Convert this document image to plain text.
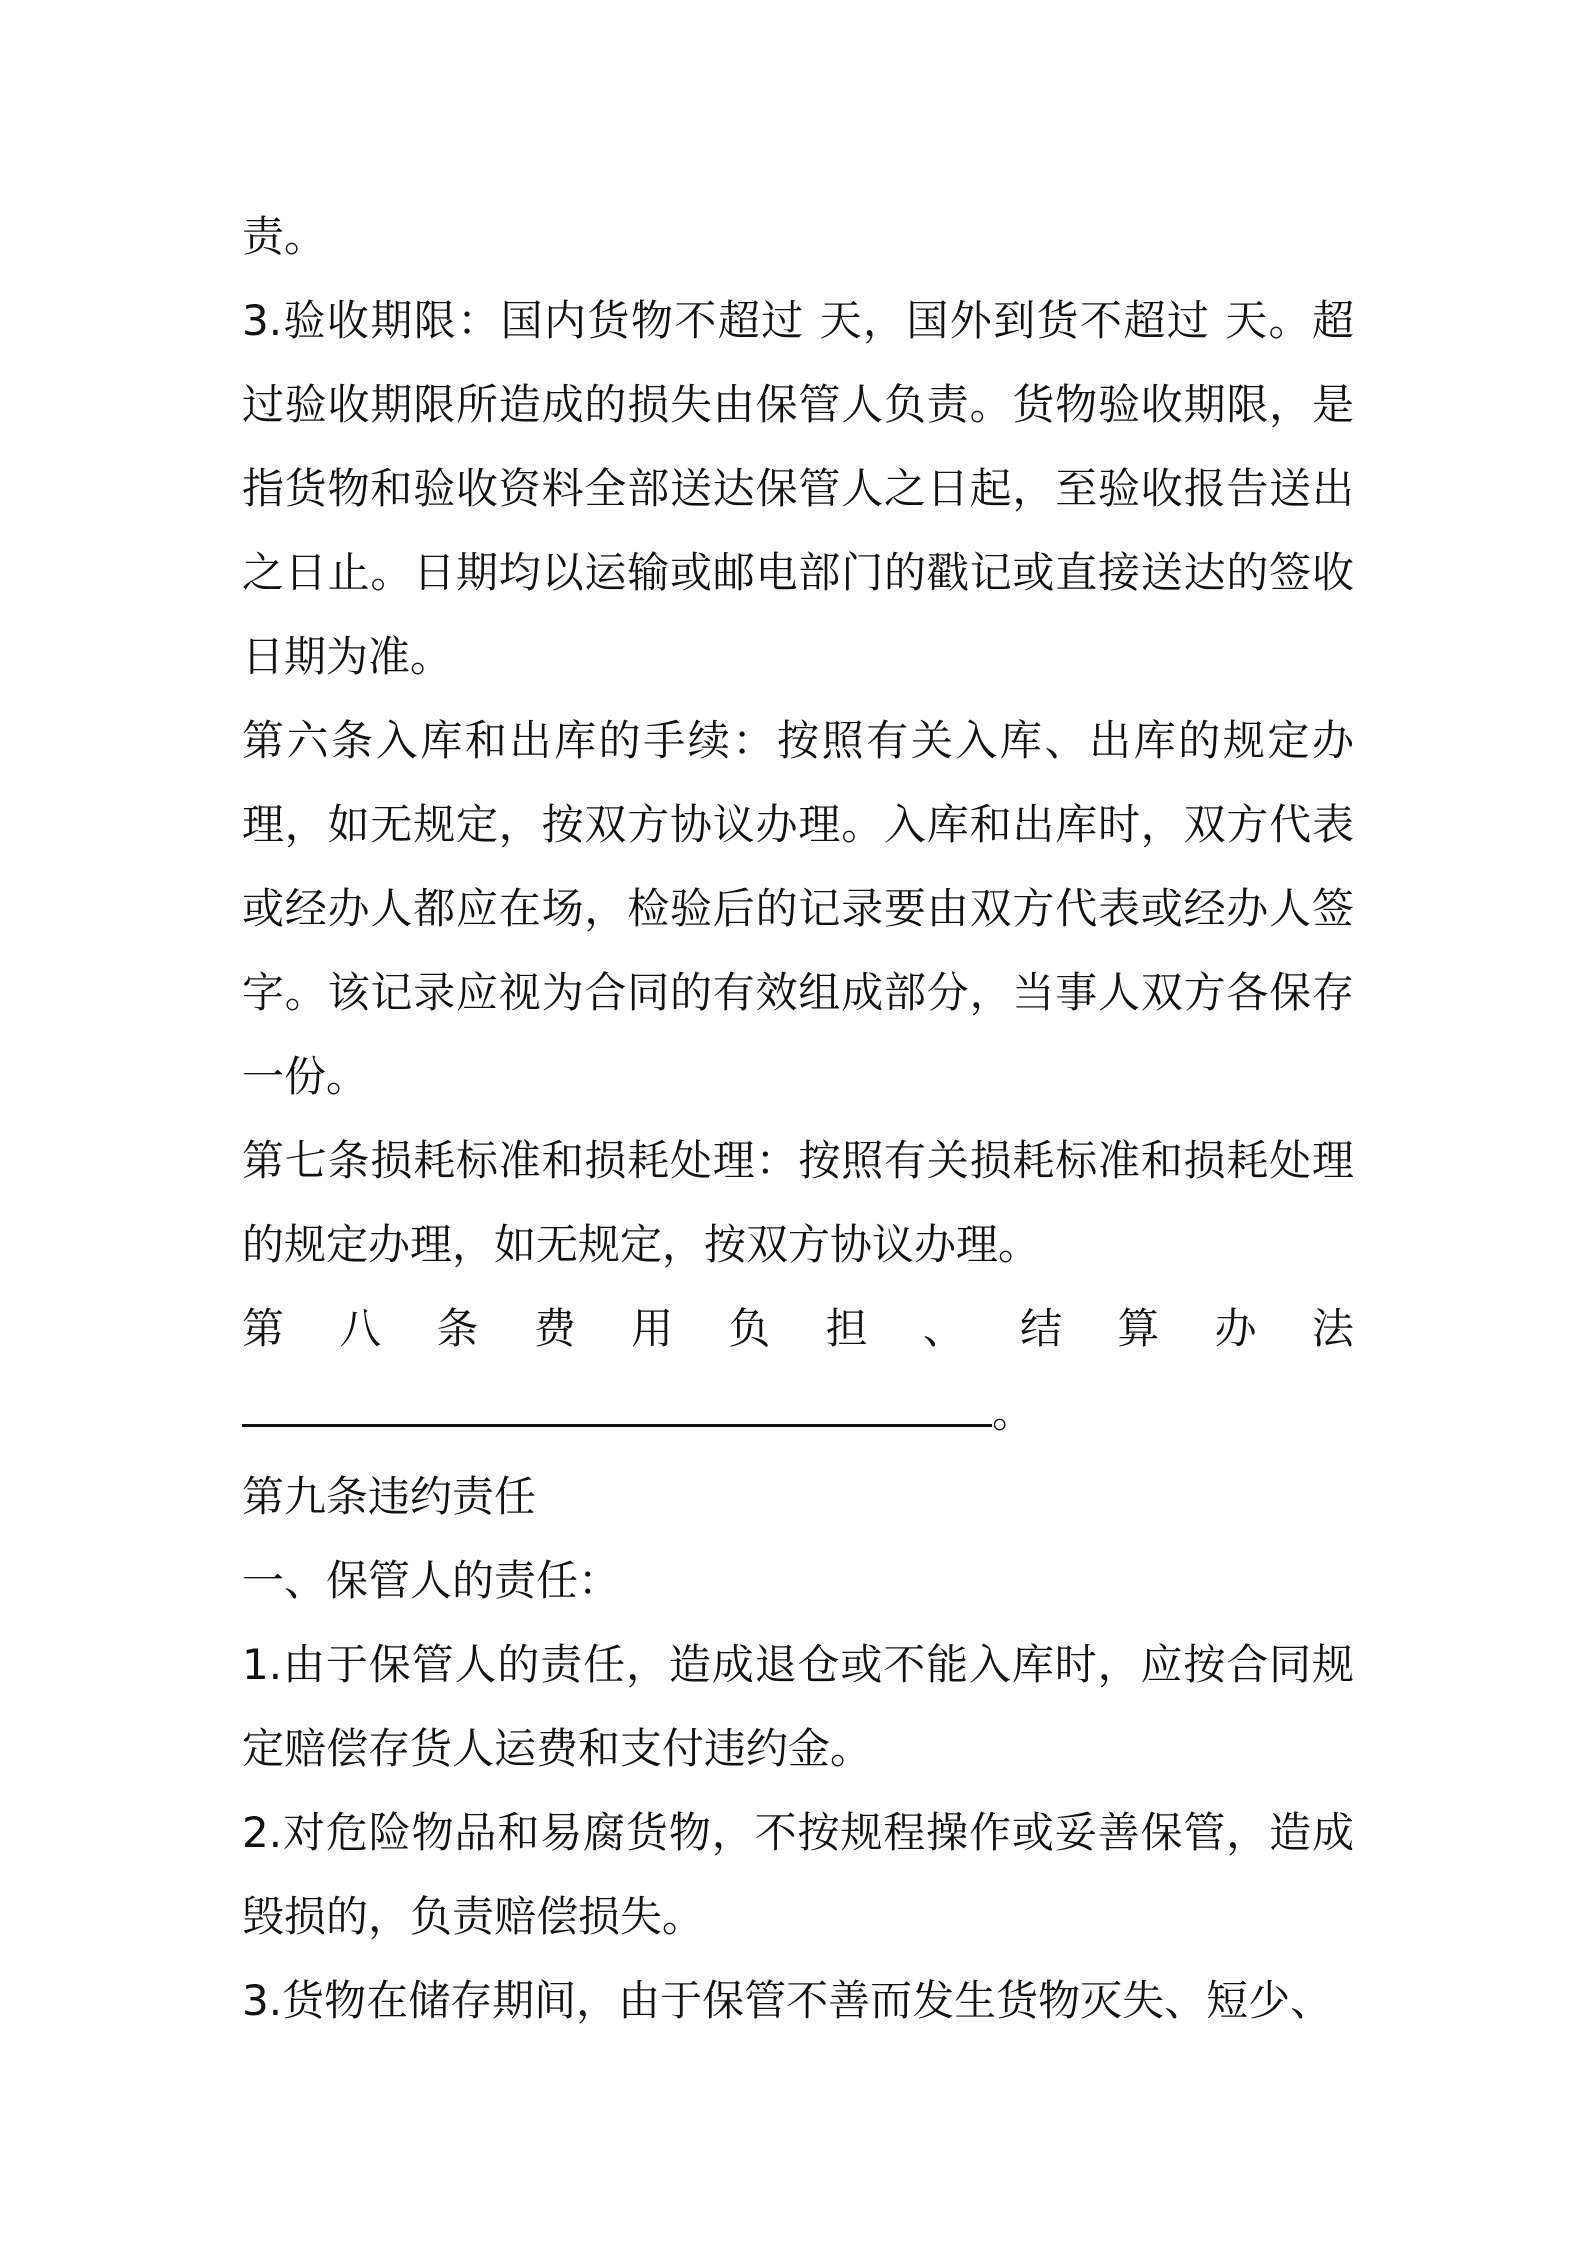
责。

3.验收期限：国内货物不超过 天，国外到货不超过 天。超过验收期限所造成的损失由保管人负责。货物验收期限，是指货物和验收资料全部送达保管人之日起，至验收报告送出之日止。日期均以运输或邮电部门的戳记或直接送达的签收日期为准。

第六条入库和出库的手续：按照有关入库、出库的规定办理，如无规定，按双方协议办理。入库和出库时，双方代表或经办人都应在场，检验后的记录要由双方代表或经办人签字。该记录应视为合同的有效组成部分，当事人双方各保存一份。

第七条损耗标准和损耗处理：按照有关损耗标准和损耗处理的规定办理，如无规定，按双方协议办理。

第 八 条 费 用 负 担 、 结 算 办 法
。

第九条违约责任

一、保管人的责任：

1.由于保管人的责任，造成退仓或不能入库时，应按合同规定赔偿存货人运费和支付违约金。

2.对危险物品和易腐货物，不按规程操作或妥善保管，造成毁损的，负责赔偿损失。

3.货物在储存期间，由于保管不善而发生货物灭失、短少、
